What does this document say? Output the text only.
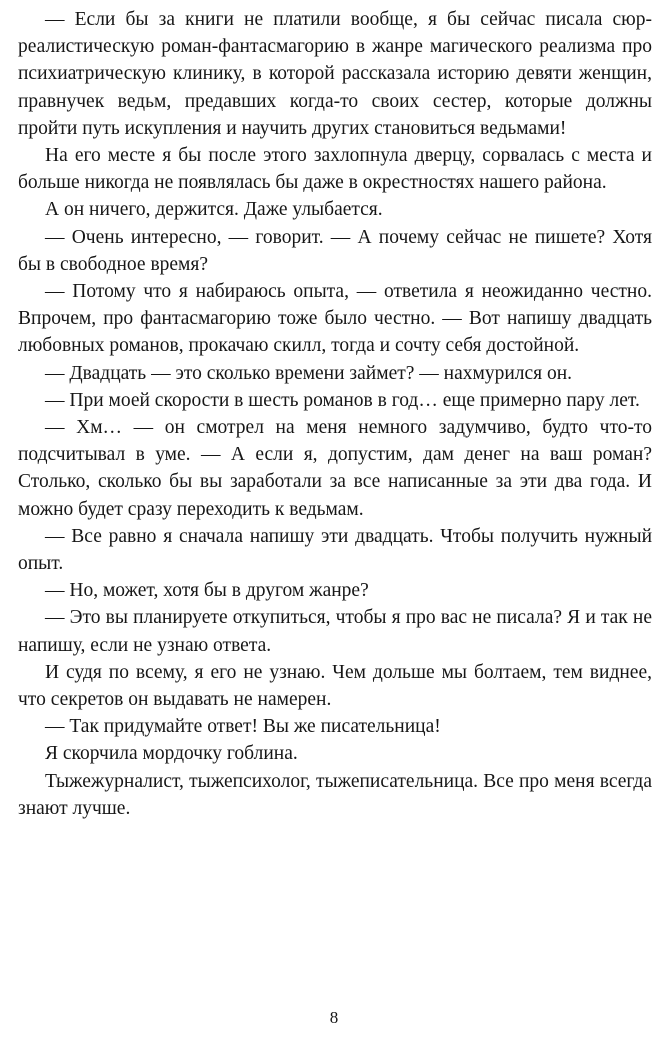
— Если бы за книги не платили вообще, я бы сейчас писала сюрреалистическую роман-фантасмагорию в жанре магического реализма про психиатрическую клинику, в которой рассказала историю девяти женщин, правнучек ведьм, предавших когда-то своих сестер, которые должны пройти путь искупления и научить других становиться ведьмами!

На его месте я бы после этого захлопнула дверцу, сорвалась с места и больше никогда не появлялась бы даже в окрестностях нашего района.

А он ничего, держится. Даже улыбается.

— Очень интересно, — говорит. — А почему сейчас не пишете? Хотя бы в свободное время?

— Потому что я набираюсь опыта, — ответила я неожиданно честно. Впрочем, про фантасмагорию тоже было честно. — Вот напишу двадцать любовных романов, прокачаю скилл, тогда и сочту себя достойной.

— Двадцать — это сколько времени займет? — нахмурился он.

— При моей скорости в шесть романов в год… еще примерно пару лет.

— Хм… — он смотрел на меня немного задумчиво, будто что-то подсчитывал в уме. — А если я, допустим, дам денег на ваш роман? Столько, сколько бы вы заработали за все написанные за эти два года. И можно будет сразу переходить к ведьмам.

— Все равно я сначала напишу эти двадцать. Чтобы получить нужный опыт.

— Но, может, хотя бы в другом жанре?

— Это вы планируете откупиться, чтобы я про вас не писала? Я и так не напишу, если не узнаю ответа.

И судя по всему, я его не узнаю. Чем дольше мы болтаем, тем виднее, что секретов он выдавать не намерен.

— Так придумайте ответ! Вы же писательница!

Я скорчила мордочку гоблина.

Тыжежурналист, тыжепсихолог, тыжеписательница. Все про меня всегда знают лучше.

8
